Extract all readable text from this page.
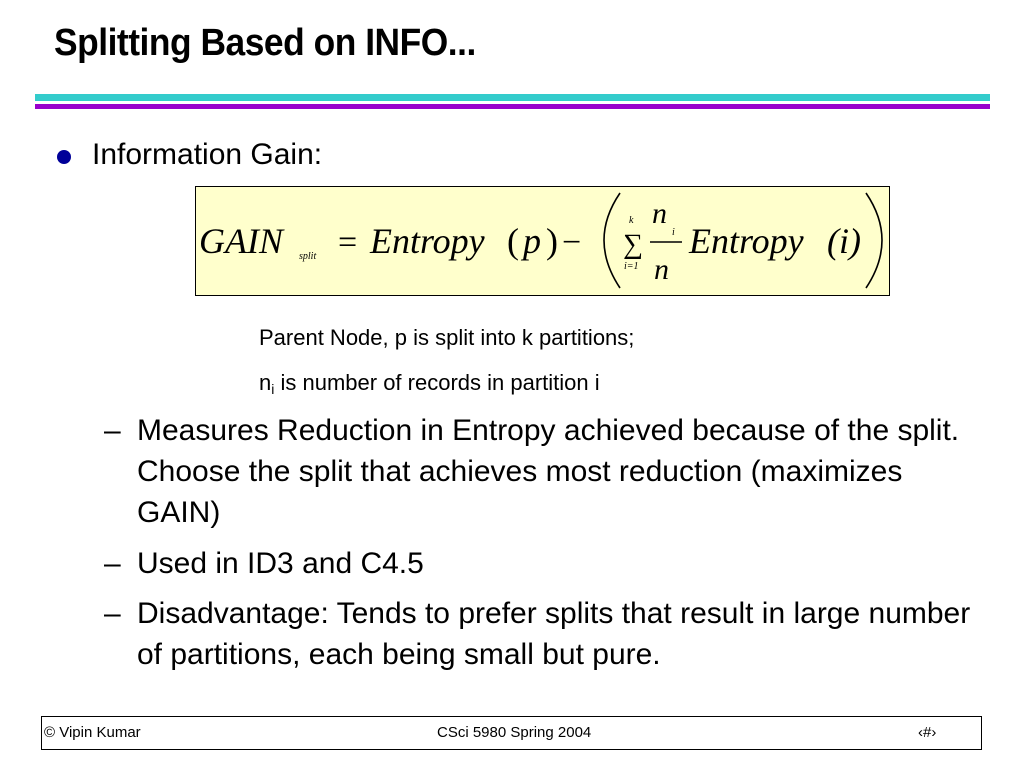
Splitting Based on INFO...
Information Gain:
GAIN split = Entropy ( p ) −
k
∑
i=1
n
i
n
Entropy (i)
Parent Node, p is split into k partitions;
$n_i$ is number of records in partition i
– Measures Reduction in Entropy achieved because of the split. Choose the split that achieves most reduction (maximizes GAIN)
– Used in ID3 and C4.5
– Disadvantage: Tends to prefer splits that result in large number of partitions, each being small but pure.
© Vipin Kumar	CSci 5980 Spring 2004	‹#›
